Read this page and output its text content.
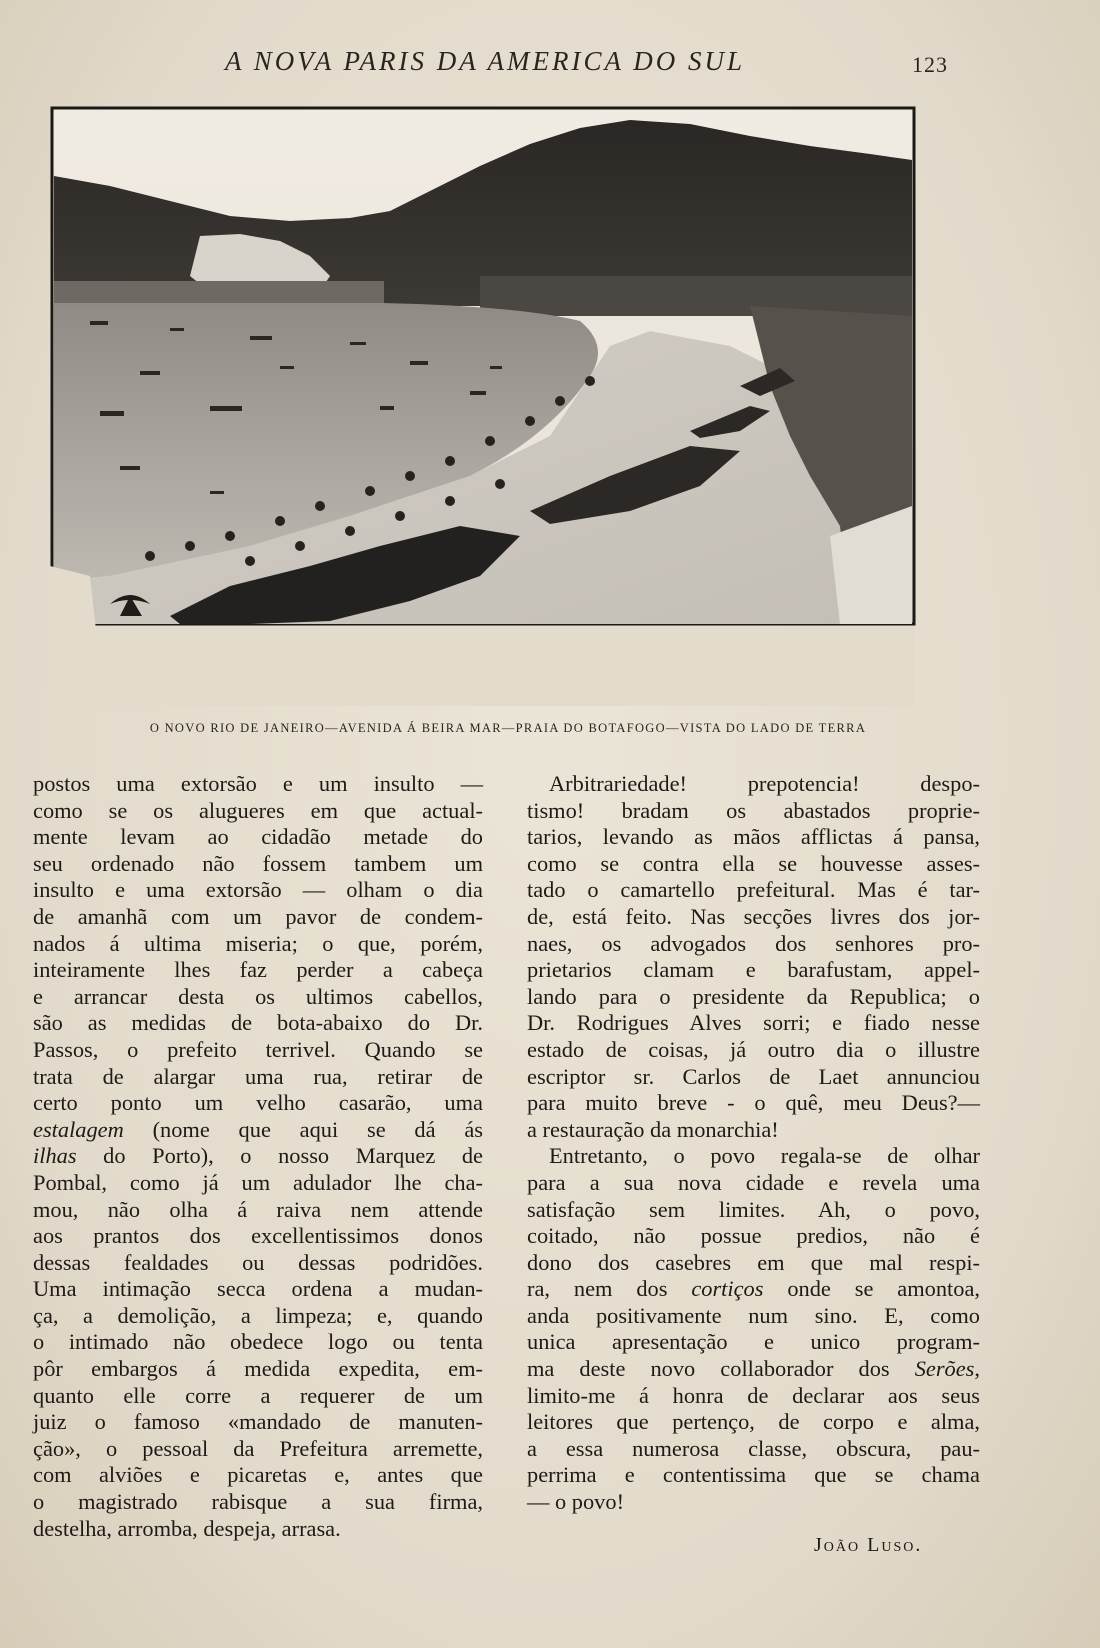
A NOVA PARIS DA AMERICA DO SUL	123
O NOVO RIO DE JANEIRO—AVENIDA Á BEIRA MAR—PRAIA DO BOTAFOGO—VISTA DO LADO DE TERRA
postos uma extorsão e um insulto —
como se os alugueres em que actual-
mente levam ao cidadão metade do
seu ordenado não fossem tambem um
insulto e uma extorsão — olham o dia
de amanhã com um pavor de condem-
nados á ultima miseria; o que, porém,
inteiramente lhes faz perder a cabeça
e arrancar desta os ultimos cabellos,
são as medidas de bota-abaixo do Dr.
Passos, o prefeito terrivel. Quando se
trata de alargar uma rua, retirar de
certo ponto um velho casarão, uma
estalagem (nome que aqui se dá ás
ilhas do Porto), o nosso Marquez de
Pombal, como já um adulador lhe cha-
mou, não olha á raiva nem attende
aos prantos dos excellentissimos donos
dessas fealdades ou dessas podridões.
Uma intimação secca ordena a mudan-
ça, a demolição, a limpeza; e, quando
o intimado não obedece logo ou tenta
pôr embargos á medida expedita, em-
quanto elle corre a requerer de um
juiz o famoso «mandado de manuten-
ção», o pessoal da Prefeitura arremette,
com alviões e picaretas e, antes que
o magistrado rabisque a sua firma,
destelha, arromba, despeja, arrasa.
Arbitrariedade! prepotencia! despo-
tismo! bradam os abastados proprie-
tarios, levando as mãos afflictas á pansa,
como se contra ella se houvesse asses-
tado o camartello prefeitural. Mas é tar-
de, está feito. Nas secções livres dos jor-
naes, os advogados dos senhores pro-
prietarios clamam e barafustam, appel-
lando para o presidente da Republica; o
Dr. Rodrigues Alves sorri; e fiado nesse
estado de coisas, já outro dia o illustre
escriptor sr. Carlos de Laet annunciou
para muito breve - o quê, meu Deus?—
a restauração da monarchia!
Entretanto, o povo regala-se de olhar
para a sua nova cidade e revela uma
satisfação sem limites. Ah, o povo,
coitado, não possue predios, não é
dono dos casebres em que mal respi-
ra, nem dos cortiços onde se amontoa,
anda positivamente num sino. E, como
unica apresentação e unico program-
ma deste novo collaborador dos Serões,
limito-me á honra de declarar aos seus
leitores que pertenço, de corpo e alma,
a essa numerosa classe, obscura, pau-
perrima e contentissima que se chama
— o povo!
João Luso.
